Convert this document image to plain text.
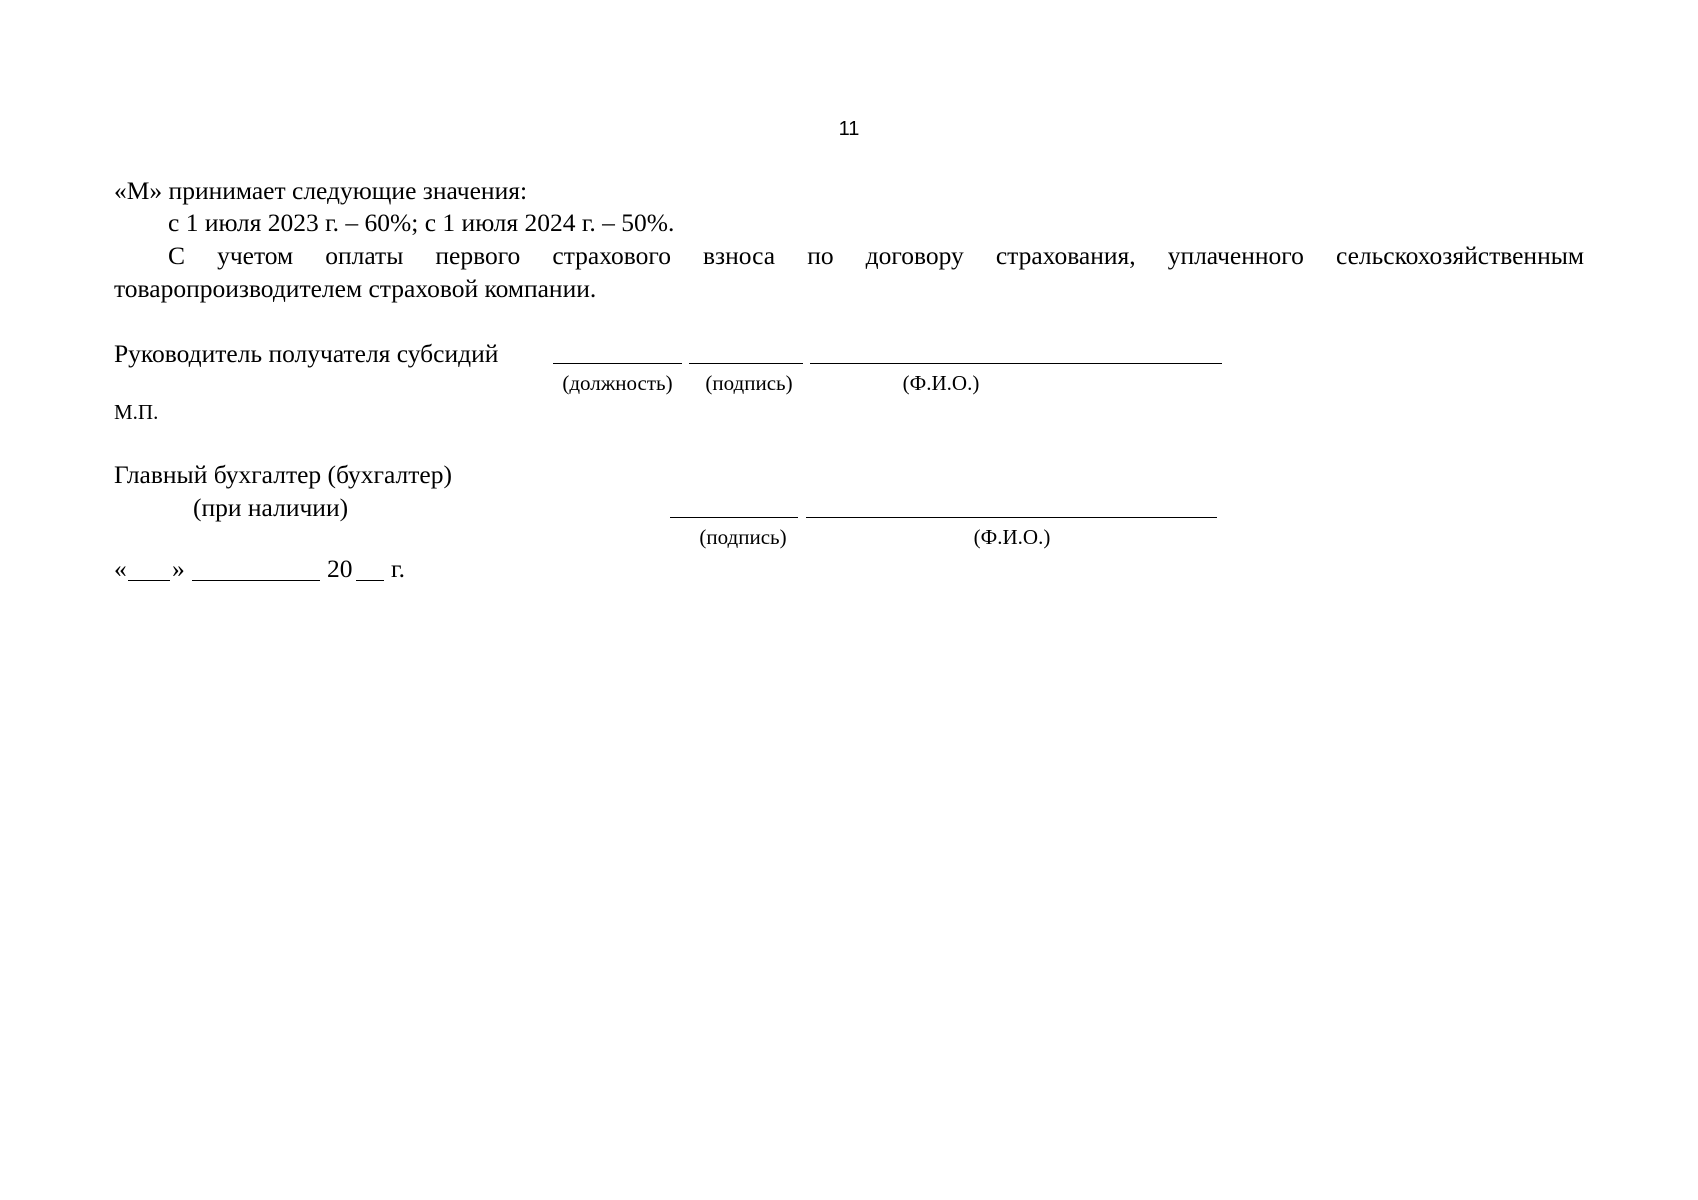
11
«М» принимает следующие значения:
с 1 июля 2023 г. – 60%; с 1 июля 2024 г. – 50%.
С учетом оплаты первого страхового взноса по договору страхования, уплаченного сельскохозяйственным
товаропроизводителем страховой компании.
Руководитель получателя субсидий
(должность)	(подпись)	(Ф.И.О.)
М.П.
Главный бухгалтер (бухгалтер)
(при наличии)
(подпись)	(Ф.И.О.)
« »	20 г.
